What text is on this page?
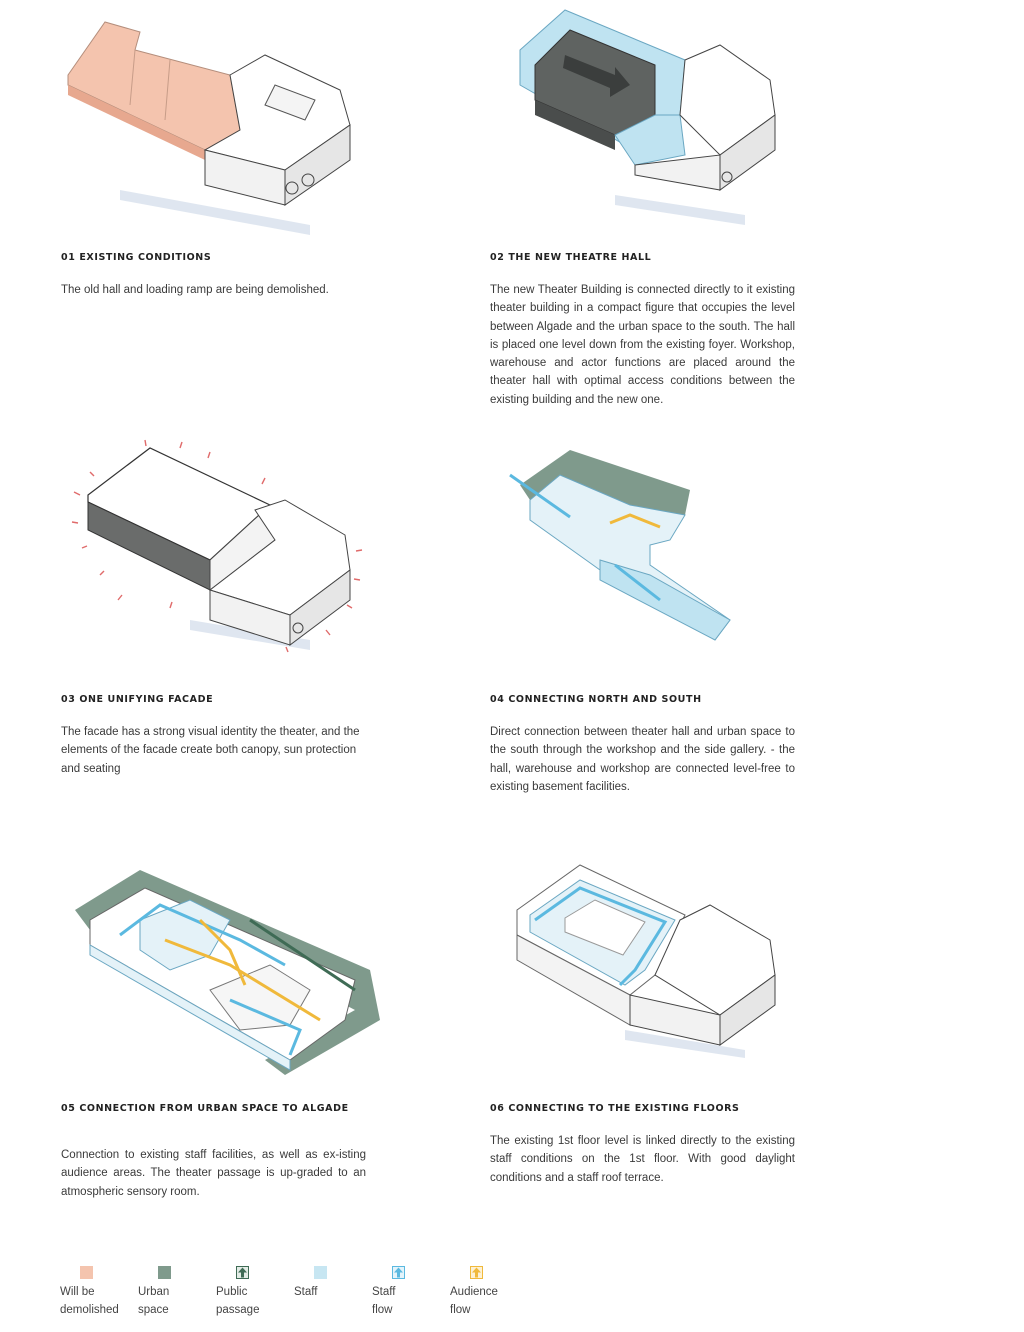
01 EXISTING CONDITIONS

The old hall and loading ramp are being demolished.

02 THE NEW THEATRE HALL

The new Theater Building is connected directly to it existing theater building in a compact figure that occupies the level between Algade and the urban space to the south. The hall is placed one level down from the existing foyer. Workshop, warehouse and actor functions are placed around the theater hall with optimal access conditions between the existing building and the new one.

03 ONE UNIFYING FACADE

The facade has a strong visual identity the theater, and the elements of the facade create both canopy, sun protection and seating

04 CONNECTING NORTH AND SOUTH

Direct connection between theater hall and urban space to the south through the workshop and the side gallery. - the hall, warehouse and workshop are connected level-free to existing basement facilities.

05 CONNECTION FROM URBAN SPACE TO ALGADE

Connection to existing staff facilities, as well as ex-isting audience areas. The theater passage is up-graded to an atmospheric sensory room.

06 CONNECTING TO THE EXISTING FLOORS

The existing 1st floor level is linked directly to the existing staff conditions on the 1st floor. With good daylight conditions and a staff roof terrace.

Will be
demolished
Urban
space
Public
passage
Staff	Staff
flow
Audience
flow
